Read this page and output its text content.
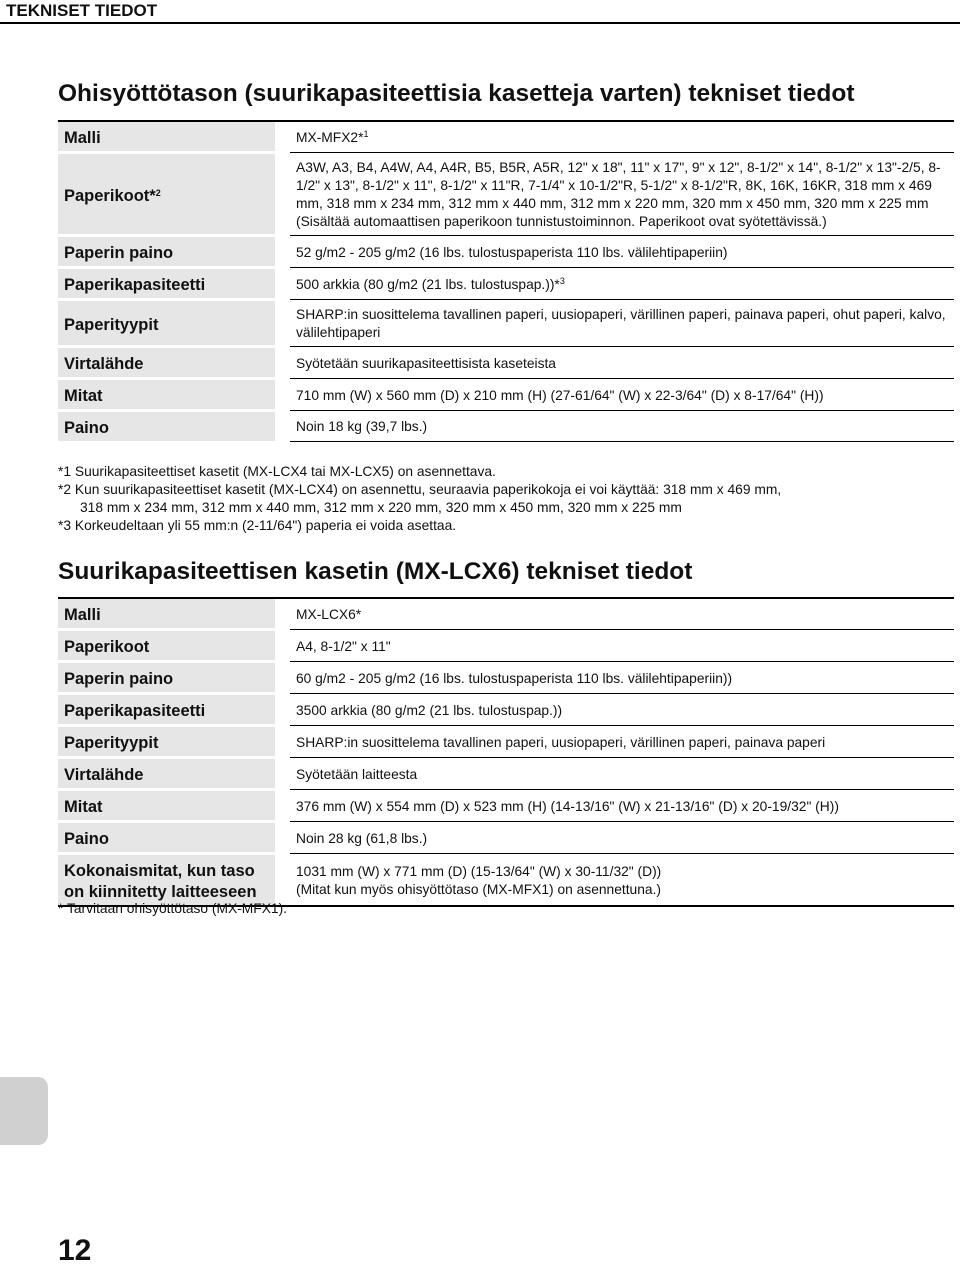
TEKNISET TIEDOT
Ohisyöttötason (suurikapasiteettisia kasetteja varten) tekniset tiedot
Malli		MX-MFX2*$^1$
Paperikoot*$^2$		A3W, A3, B4, A4W, A4, A4R, B5, B5R, A5R, 12" x 18", 11" x 17", 9" x 12", 8-1/2" x 14", 8-1/2" x 13"-2/5, 8-1/2" x 13", 8-1/2" x 11", 8-1/2" x 11"R, 7-1/4" x 10-1/2"R, 5-1/2" x 8-1/2"R, 8K, 16K, 16KR, 318 mm x 469 mm, 318 mm x 234 mm, 312 mm x 440 mm, 312 mm x 220 mm, 320 mm x 450 mm, 320 mm x 225 mm (Sisältää automaattisen paperikoon tunnistustoiminnon. Paperikoot ovat syötettävissä.)
Paperin paino		52 g/m2 - 205 g/m2 (16 lbs. tulostuspaperista 110 lbs. välilehtipaperiin)
Paperikapasiteetti		500 arkkia (80 g/m2 (21 lbs. tulostuspap.))*$^3$
Paperityypit		SHARP:in suosittelema tavallinen paperi, uusiopaperi, värillinen paperi, painava paperi, ohut paperi, kalvo, välilehtipaperi
Virtalähde		Syötetään suurikapasiteettisista kaseteista
Mitat		710 mm (W) x 560 mm (D) x 210 mm (H) (27-61/64" (W) x 22-3/64" (D) x 8-17/64" (H))
Paino		Noin 18 kg (39,7 lbs.)
*1 Suurikapasiteettiset kasetit (MX-LCX4 tai MX-LCX5) on asennettava.
*2 Kun suurikapasiteettiset kasetit (MX-LCX4) on asennettu, seuraavia paperikokoja ei voi käyttää: 318 mm x 469 mm,
318 mm x 234 mm, 312 mm x 440 mm, 312 mm x 220 mm, 320 mm x 450 mm, 320 mm x 225 mm
*3 Korkeudeltaan yli 55 mm:n (2-11/64") paperia ei voida asettaa.
Suurikapasiteettisen kasetin (MX-LCX6) tekniset tiedot
Malli		MX-LCX6*
Paperikoot		A4, 8-1/2" x 11"
Paperin paino		60 g/m2 - 205 g/m2 (16 lbs. tulostuspaperista 110 lbs. välilehtipaperiin))
Paperikapasiteetti		3500 arkkia (80 g/m2 (21 lbs. tulostuspap.))
Paperityypit		SHARP:in suosittelema tavallinen paperi, uusiopaperi, värillinen paperi, painava paperi
Virtalähde		Syötetään laitteesta
Mitat		376 mm (W) x 554 mm (D) x 523 mm (H) (14-13/16" (W) x 21-13/16" (D) x 20-19/32" (H))
Paino		Noin 28 kg (61,8 lbs.)
Kokonaismitat, kun taso on kiinnitetty laitteeseen		1031 mm (W) x 771 mm (D) (15-13/64" (W) x 30-11/32" (D))
(Mitat kun myös ohisyöttötaso (MX-MFX1) on asennettuna.)
* Tarvitaan ohisyöttötaso (MX-MFX1).
12
